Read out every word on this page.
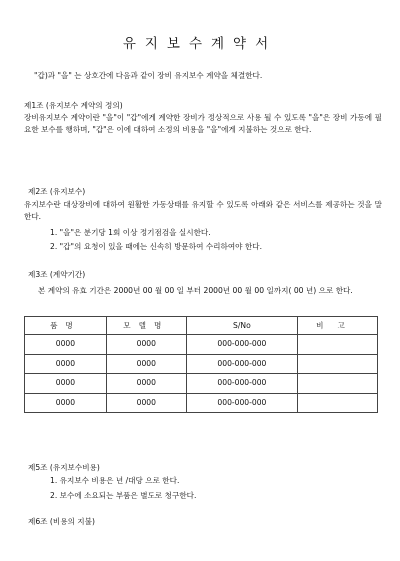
유지보수계약서
"갑)과 "을" 는 상호간에 다음과 같이 장비 유지보수 계약을 체결한다.
제1조 (유지보수 계약의 정의)
장비유지보수 계약이란 "을"이 "갑"에게 계약한 장비가 정상적으로 사용 될 수 있도록 "을"은 장비 가동에 필요한 보수를 행하며, "갑"은 이에 대하여 소정의 비용을 "을"에게 지불하는 것으로 한다.
제2조 (유지보수)
유지보수란 대상장비에 대하여 원활한 가동상태를 유지할 수 있도록 아래와 같은 서비스를 제공하는 것을 말한다.
1. "을"은 분기당 1회 이상 정기점검을 실시한다.
2. "갑"의 요청이 있을 때에는 신속히 방문하여 수리하여야 한다.
제3조 (계약기간)
본 계약의 유효 기간은 2000년 00 월 00 일 부터 2000년 00 월 00 일까지( 00 년) 으로 한다.
품명	모델명	S/No	비고
0000	0000	000-000-000	
0000	0000	000-000-000	
0000	0000	000-000-000	
0000	0000	000-000-000	
제5조 (유지보수비용)
1. 유지보수 비용은 년 /대당 으로 한다.
2. 보수에 소요되는 부품은 별도로 청구한다.
제6조 (비용의 지불)
